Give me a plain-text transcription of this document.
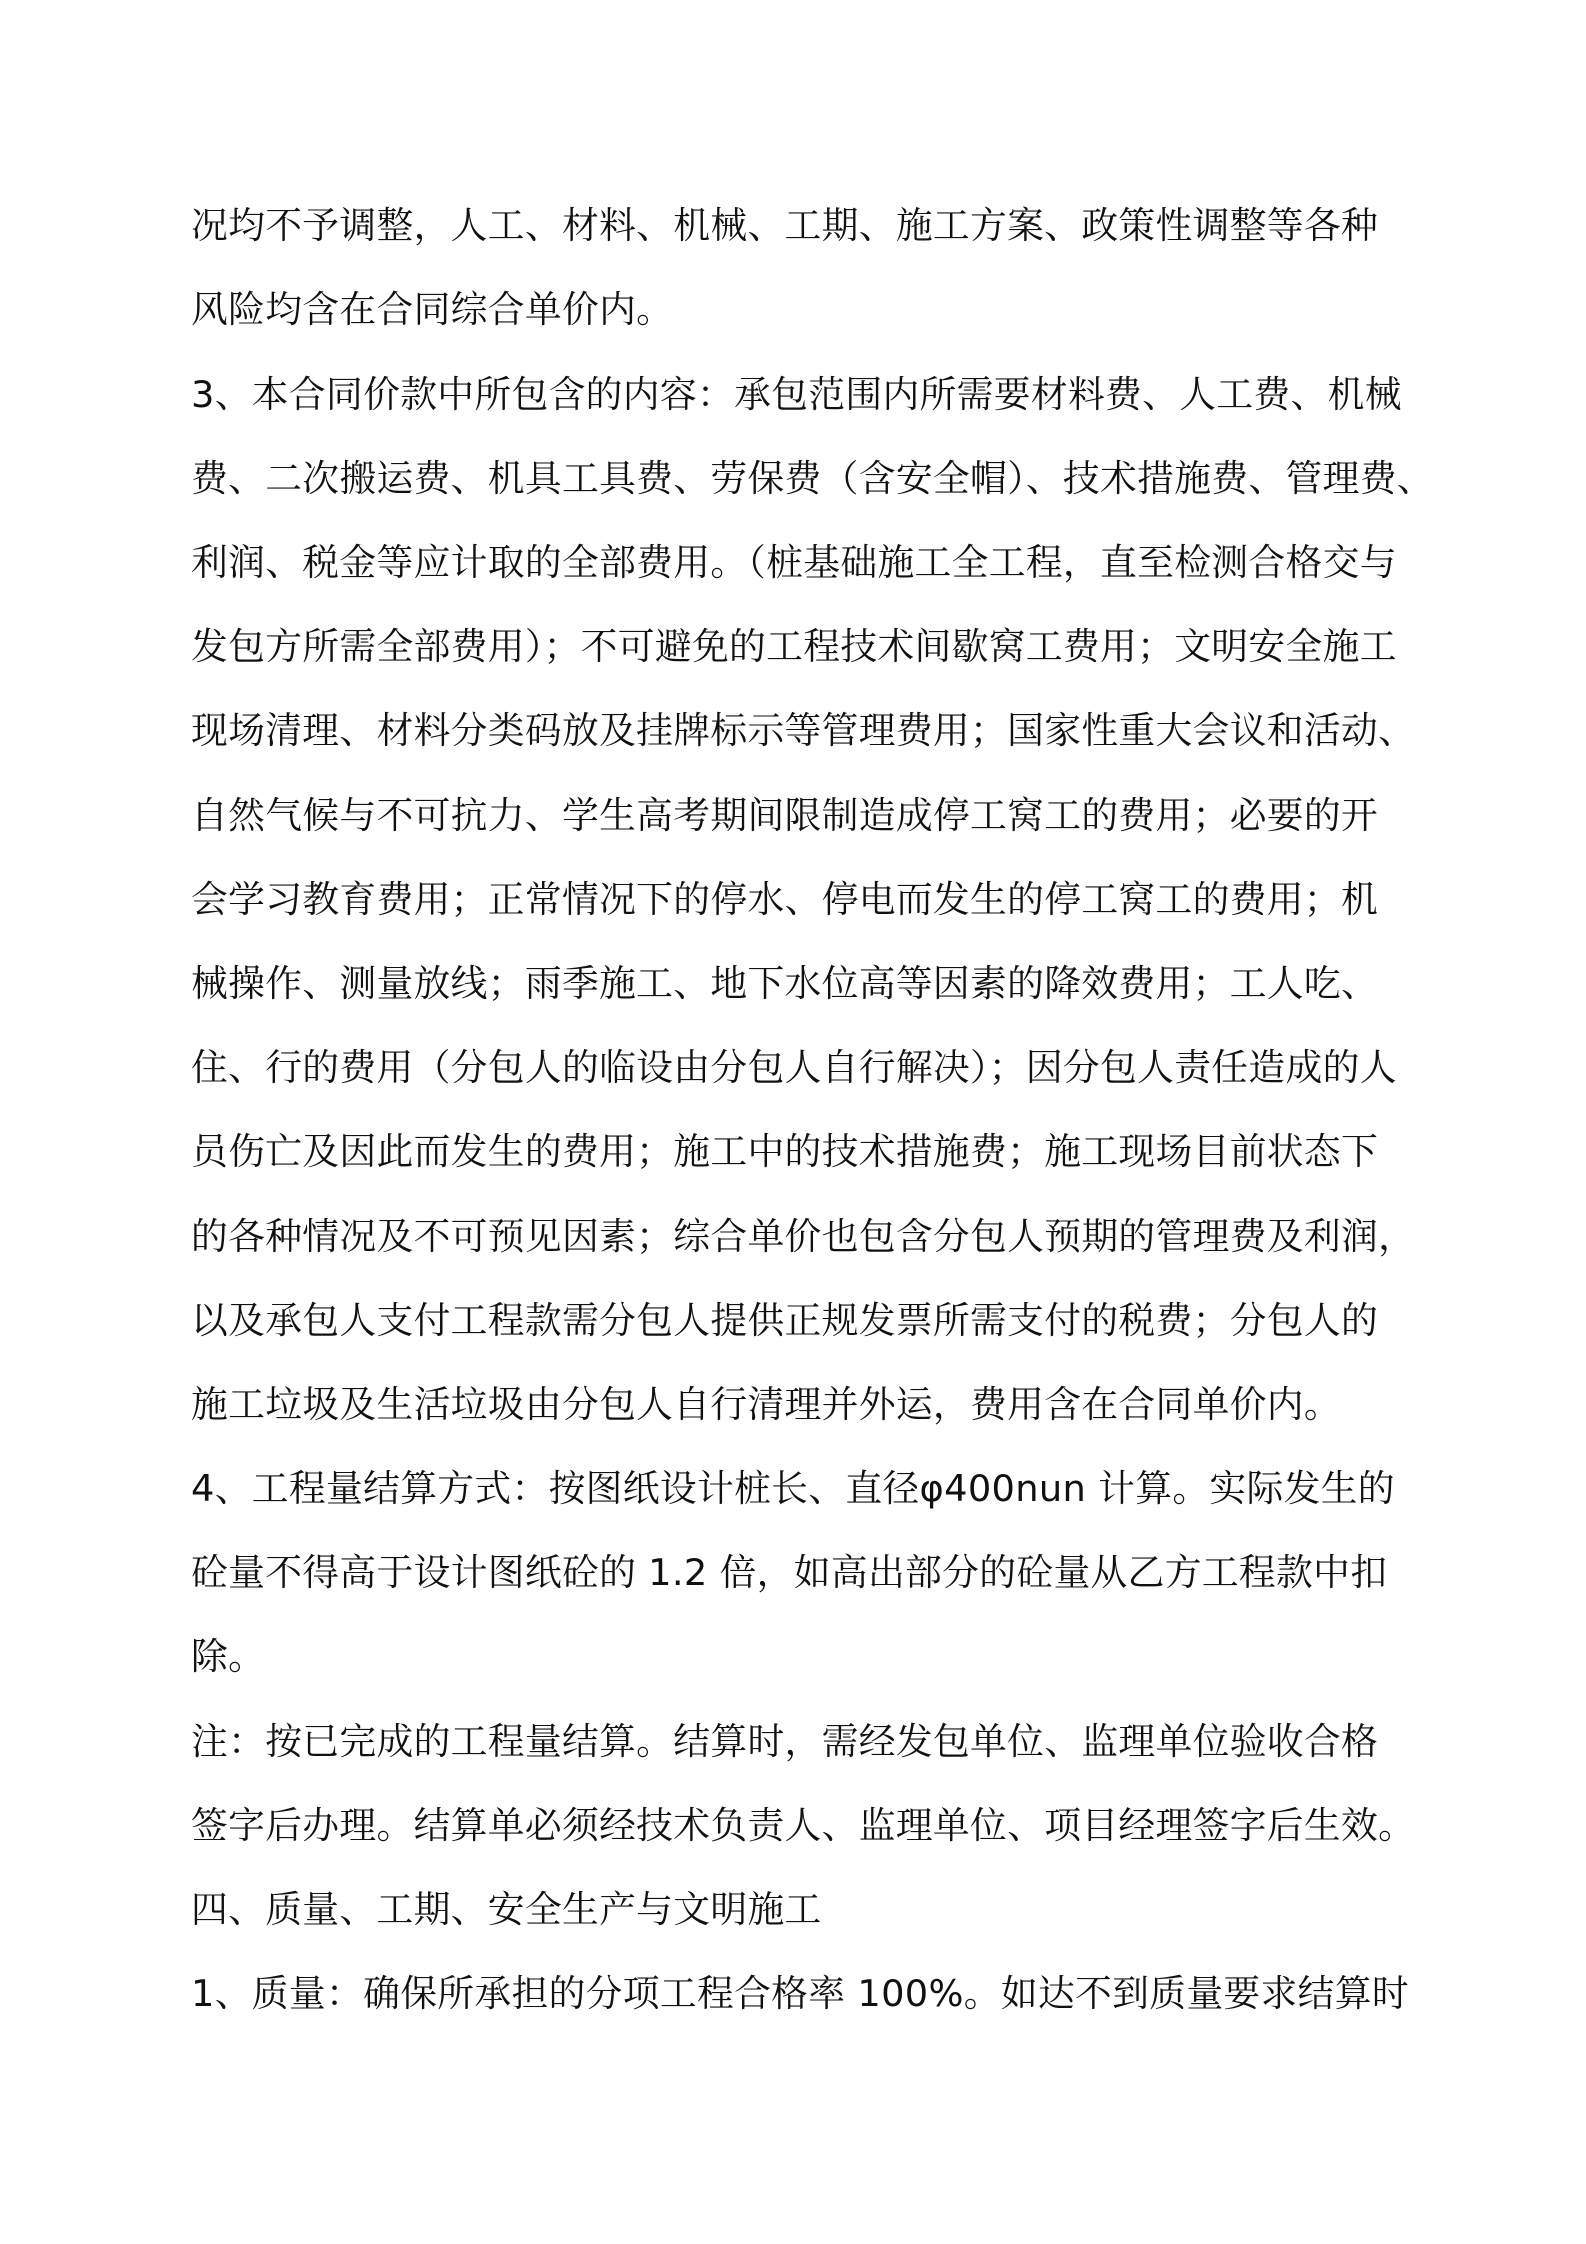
况均不予调整，人工、材料、机械、工期、施工方案、政策性调整等各种
风险均含在合同综合单价内。
3、本合同价款中所包含的内容：承包范围内所需要材料费、人工费、机械
费、二次搬运费、机具工具费、劳保费（含安全帽）、技术措施费、管理费、
利润、税金等应计取的全部费用。（桩基础施工全工程，直至检测合格交与
发包方所需全部费用）；不可避免的工程技术间歇窝工费用；文明安全施工
现场清理、材料分类码放及挂牌标示等管理费用；国家性重大会议和活动、
自然气候与不可抗力、学生高考期间限制造成停工窝工的费用；必要的开
会学习教育费用；正常情况下的停水、停电而发生的停工窝工的费用；机
械操作、测量放线；雨季施工、地下水位高等因素的降效费用；工人吃、
住、行的费用（分包人的临设由分包人自行解决）；因分包人责任造成的人
员伤亡及因此而发生的费用；施工中的技术措施费；施工现场目前状态下
的各种情况及不可预见因素；综合单价也包含分包人预期的管理费及利润，
以及承包人支付工程款需分包人提供正规发票所需支付的税费；分包人的
施工垃圾及生活垃圾由分包人自行清理并外运，费用含在合同单价内。
4、工程量结算方式：按图纸设计桩长、直径φ400nun 计算。实际发生的
砼量不得高于设计图纸砼的 1.2 倍，如高出部分的砼量从乙方工程款中扣
除。
注：按已完成的工程量结算。结算时，需经发包单位、监理单位验收合格
签字后办理。结算单必须经技术负责人、监理单位、项目经理签字后生效。
四、质量、工期、安全生产与文明施工
1、质量：确保所承担的分项工程合格率 100%。如达不到质量要求结算时
